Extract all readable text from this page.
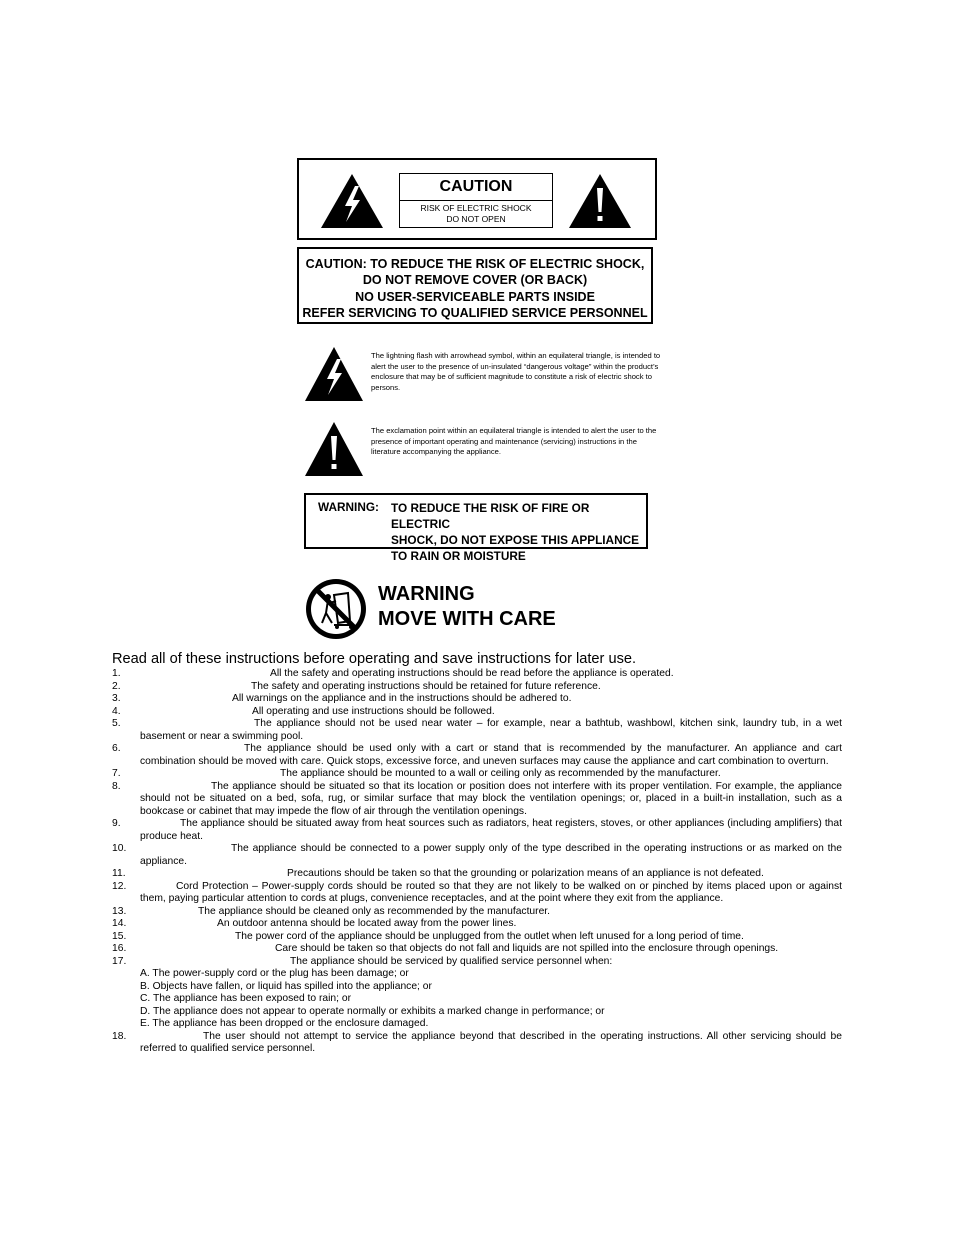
CAUTION
RISK OF ELECTRIC SHOCK
DO NOT OPEN
CAUTION: TO REDUCE THE RISK OF ELECTRIC SHOCK,
DO NOT REMOVE COVER (OR BACK)
NO USER-SERVICEABLE PARTS INSIDE
REFER SERVICING TO QUALIFIED SERVICE PERSONNEL
The lightning flash with arrowhead symbol, within an equilateral triangle, is intended to alert the user to the presence of un-insulated “dangerous voltage” within the product’s enclosure that may be of sufficient magnitude to constitute a risk of electric shock to persons.
The exclamation point within an equilateral triangle is intended to alert the user to the presence of important operating and maintenance (servicing) instructions in the literature accompanying the appliance.
WARNING: TO REDUCE THE RISK OF FIRE OR ELECTRIC
SHOCK, DO NOT EXPOSE THIS APPLIANCE
TO RAIN OR MOISTURE
WARNING
MOVE WITH CARE
Read all of these instructions before operating and save instructions for later use.
1.	All the safety and operating instructions should be read before the appliance is operated.
2.	The safety and operating instructions should be retained for future reference.
3.	All warnings on the appliance and in the instructions should be adhered to.
4.	All operating and use instructions should be followed.
5.	The appliance should not be used near water – for example, near a bathtub, washbowl, kitchen sink, laundry tub, in a wet basement or near a swimming pool.
6.	The appliance should be used only with a cart or stand that is recommended by the manufacturer. An appliance and cart combination should be moved with care. Quick stops, excessive force, and uneven surfaces may cause the appliance and cart combination to overturn.
7.	The appliance should be mounted to a wall or ceiling only as recommended by the manufacturer.
8.	The appliance should be situated so that its location or position does not interfere with its proper ventilation. For example, the appliance should not be situated on a bed, sofa, rug, or similar surface that may block the ventilation openings; or, placed in a built-in installation, such as a bookcase or cabinet that may impede the flow of air through the ventilation openings.
9.	The appliance should be situated away from heat sources such as radiators, heat registers, stoves, or other appliances (including amplifiers) that produce heat.
10.	The appliance should be connected to a power supply only of the type described in the operating instructions or as marked on the appliance.
11.	Precautions should be taken so that the grounding or polarization means of an appliance is not defeated.
12.	Cord Protection – Power-supply cords should be routed so that they are not likely to be walked on or pinched by items placed upon or against them, paying particular attention to cords at plugs, convenience receptacles, and at the point where they exit from the appliance.
13.	The appliance should be cleaned only as recommended by the manufacturer.
14.	An outdoor antenna should be located away from the power lines.
15.	The power cord of the appliance should be unplugged from the outlet when left unused for a long period of time.
16.	Care should be taken so that objects do not fall and liquids are not spilled into the enclosure through openings.
17.	The appliance should be serviced by qualified service personnel when:
A. The power-supply cord or the plug has been damage; or
B. Objects have fallen, or liquid has spilled into the appliance; or
C. The appliance has been exposed to rain; or
D. The appliance does not appear to operate normally or exhibits a marked change in performance; or
E. The appliance has been dropped or the enclosure damaged.
18.	The user should not attempt to service the appliance beyond that described in the operating instructions. All other servicing should be referred to qualified service personnel.
